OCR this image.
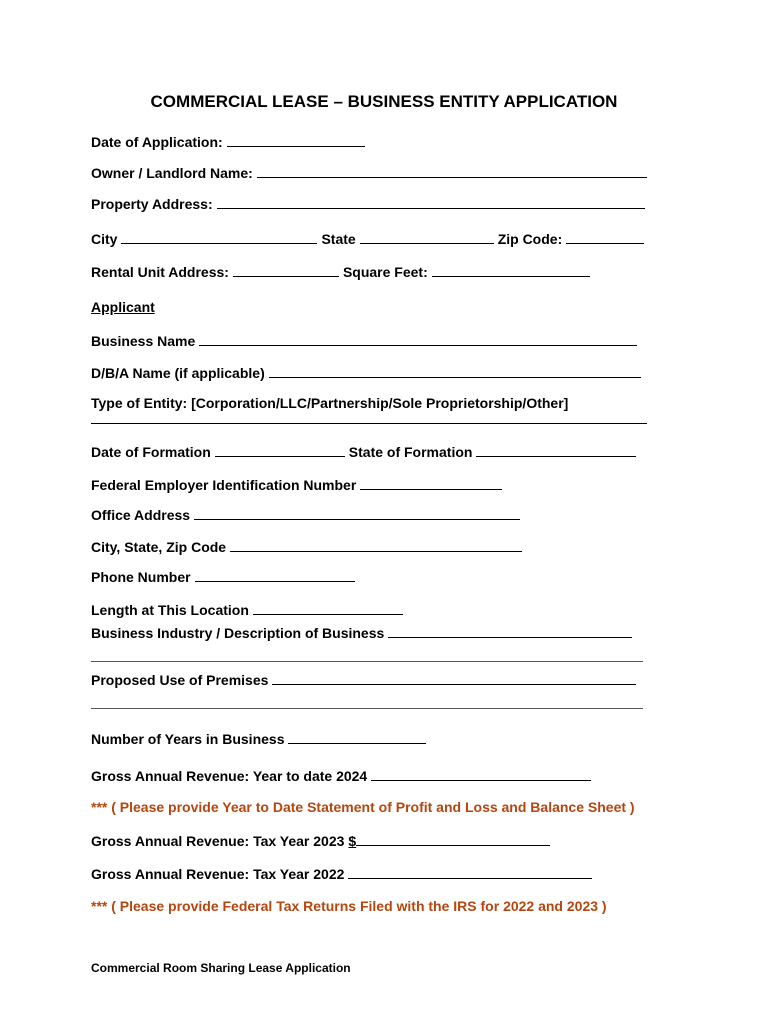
COMMERCIAL LEASE – BUSINESS ENTITY APPLICATION
Date of Application:
Owner / Landlord Name:
Property Address:
City	State	Zip Code:
Rental Unit Address:	Square Feet:
Applicant
Business Name
D/B/A Name (if applicable)
Type of Entity: [Corporation/LLC/Partnership/Sole Proprietorship/Other]
Date of Formation	State of Formation
Federal Employer Identification Number
Office Address
City, State, Zip Code
Phone Number
Length at This Location
Business Industry / Description of Business
Proposed Use of Premises
Number of Years in Business
Gross Annual Revenue: Year to date 2024
*** ( Please provide Year to Date Statement of Profit and Loss and Balance Sheet )
Gross Annual Revenue: Tax Year 2023 $
Gross Annual Revenue: Tax Year 2022
*** ( Please provide Federal Tax Returns Filed with the IRS for 2022 and 2023 )
Commercial Room Sharing Lease Application
